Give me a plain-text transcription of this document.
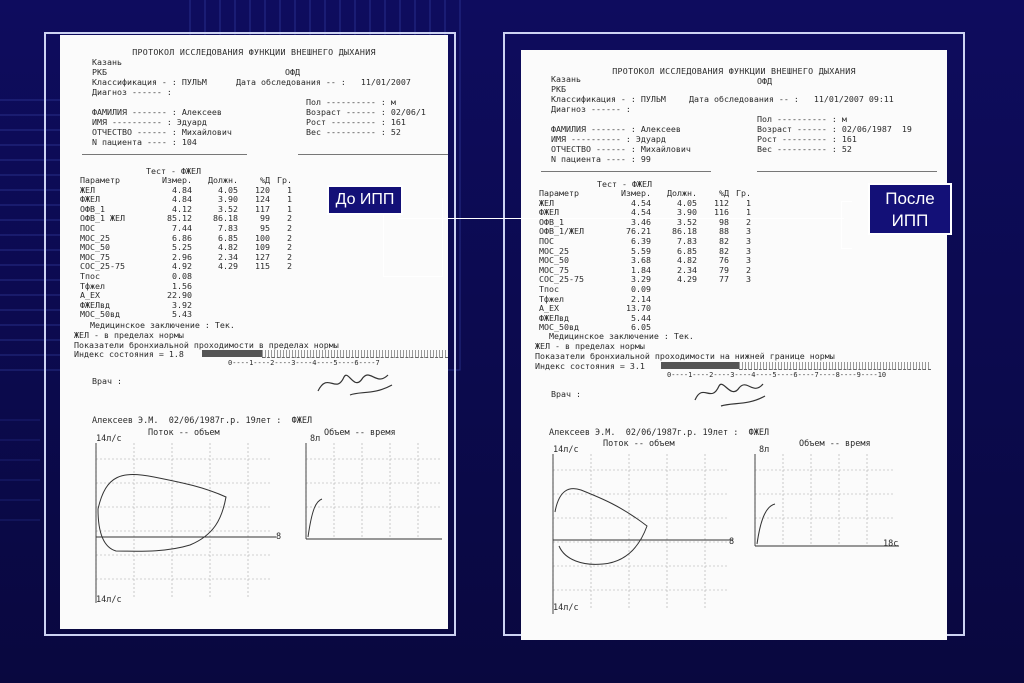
ПРОТОКОЛ ИССЛЕДОВАНИЯ ФУНКЦИИ ВНЕШНЕГО ДЫХАНИЯ
Казань
РКБ	ОФД
Классификация - : ПУЛЬМ	Дата обследования -- :   11/01/2007
Диагноз ------ :
Пол ---------- : м
Возраст ------ : 02/06/1
Рост --------- : 161
Вес ---------- : 52
ФАМИЛИЯ ------- : Алексеев
ИМЯ ---------- : Эдуард
ОТЧЕСТВО ------ : Михайлович
N пациента ---- : 104
Тест - ФЖЕЛ
Параметр	Измер.	Должн.	%Д	Гр.
ЖЕЛ	4.84	4.05	120	1
ФЖЕЛ	4.84	3.90	124	1
ОФВ_1	4.12	3.52	117	1
ОФВ_1 ЖЕЛ	85.12	86.18	99	2
ПОС	7.44	7.83	95	2
МОС_25	6.86	6.85	100	2
МОС_50	5.25	4.82	109	2
МОС_75	2.96	2.34	127	2
СОС_25-75	4.92	4.29	115	2
Тпос	0.08			
Тфжел	1.56			
А_ЕХ	22.90			
ФЖЕЛвд	3.92			
МОС_50вд	5.43			
Медицинское заключение : Тек.
ЖЕЛ - в пределах нормы
Показатели бронхиальной проходимости в пределах нормы
Индекс состояния = 1.8
0----1----2----3----4----5----6----7
Врач :
Алексеев Э.М.  02/06/1987г.р. 19лет :  ФЖЕЛ
Поток -- объем	Объем -- время
14л/с
14л/с
8
8л
ПРОТОКОЛ ИССЛЕДОВАНИЯ ФУНКЦИИ ВНЕШНЕГО ДЫХАНИЯ
Казань
РКБ
ОФД
Классификация - : ПУЛЬМ	Дата обследования -- :   11/01/2007 09:11
Диагноз ------ :
Пол ---------- : м
Возраст ------ : 02/06/1987  19
Рост --------- : 161
Вес ---------- : 52
ФАМИЛИЯ ------- : Алексеев
ИМЯ ---------- : Эдуард
ОТЧЕСТВО ------ : Михайлович
N пациента ---- : 99
Тест - ФЖЕЛ
Параметр	Измер.	Должн.	%Д	Гр.
ЖЕЛ	4.54	4.05	112	1
ФЖЕЛ	4.54	3.90	116	1
ОФВ_1	3.46	3.52	98	2
ОФВ_1/ЖЕЛ	76.21	86.18	88	3
ПОС	6.39	7.83	82	3
МОС_25	5.59	6.85	82	3
МОС_50	3.68	4.82	76	3
МОС_75	1.84	2.34	79	2
СОС_25-75	3.29	4.29	77	3
Тпос	0.09			
Тфжел	2.14			
А_ЕХ	13.70			
ФЖЕЛвд	5.44			
МОС_50вд	6.05			
Медицинское заключение : Тек.
ЖЕЛ - в пределах нормы
Показатели бронхиальной проходимости на нижней границе нормы
Индекс состояния = 3.1
0----1----2----3----4----5----6----7----8----9----10
Врач :
Алексеев Э.М.  02/06/1987г.р. 19лет :  ФЖЕЛ
Поток -- объем	Объем -- время
14л/с
14л/с
8
8л
18с
До ИПП	После
ИПП
